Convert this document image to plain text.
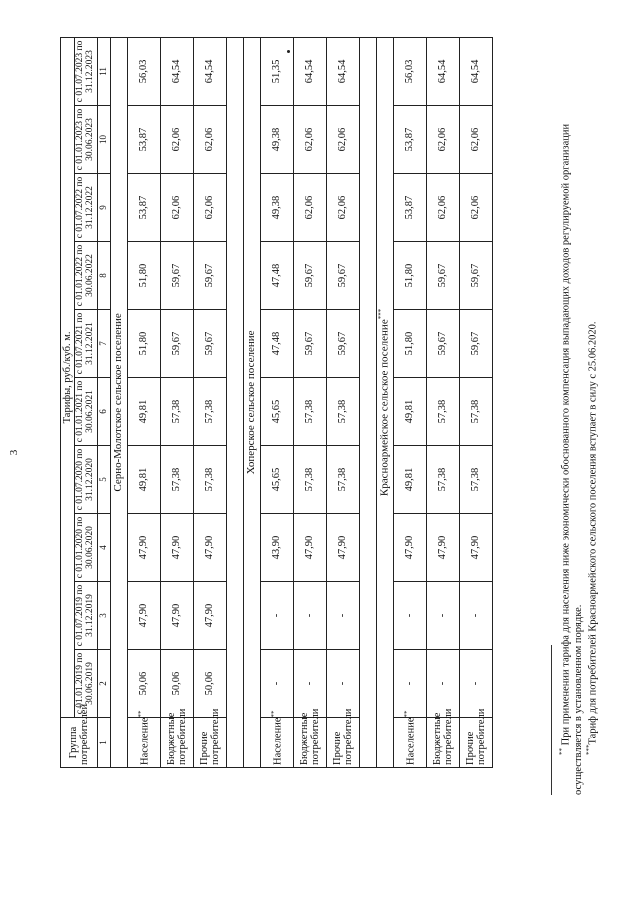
3
Группа потребителей	Тарифы, руб./куб. м.									
	с 01.01.2019 по 30.06.2019	с 01.07.2019 по 31.12.2019	с 01.01.2020 по 30.06.2020	с 01.07.2020 по 31.12.2020	с 01.01.2021 по 30.06.2021	с 01.07.2021 по 31.12.2021	с 01.01.2022 по 30.06.2022	с 01.07.2022 по 31.12.2022	с 01.01.2023 по 30.06.2023	с 01.07.2023 по 31.12.2023
1	2	3	4	5	6	7	8	9	10	11
Серно-Молотское сельское поселение										
Население**	50,06	47,90	47,90	49,81	49,81	51,80	51,80	53,87	53,87	56,03
Бюджетные потребители	50,06	47,90	47,90	57,38	57,38	59,67	59,67	62,06	62,06	64,54
Прочие потребители	50,06	47,90	47,90	57,38	57,38	59,67	59,67	62,06	62,06	64,54

Хоперское сельское поселение										
Население**	-	-	43,90	45,65	45,65	47,48	47,48	49,38	49,38	51,35
Бюджетные потребители	-	-	47,90	57,38	57,38	59,67	59,67	62,06	62,06	64,54
Прочие потребители	-	-	47,90	57,38	57,38	59,67	59,67	62,06	62,06	64,54

Красноармейское сельское поселение***
Население**	-	-	47,90	49,81	49,81	51,80	51,80	53,87	53,87	56,03
Бюджетные потребители	-	-	47,90	57,38	57,38	59,67	59,67	62,06	62,06	64,54
Прочие потребители	-	-	47,90	57,38	57,38	59,67	59,67	62,06	62,06	64,54
** При применении тарифа для населения ниже экономически обоснованного компенсация выпадающих доходов регулируемой организации осуществляется в установленном порядке. ***Тариф для потребителей Красноармейского сельского поселения вступает в силу с 25.06.2020.
